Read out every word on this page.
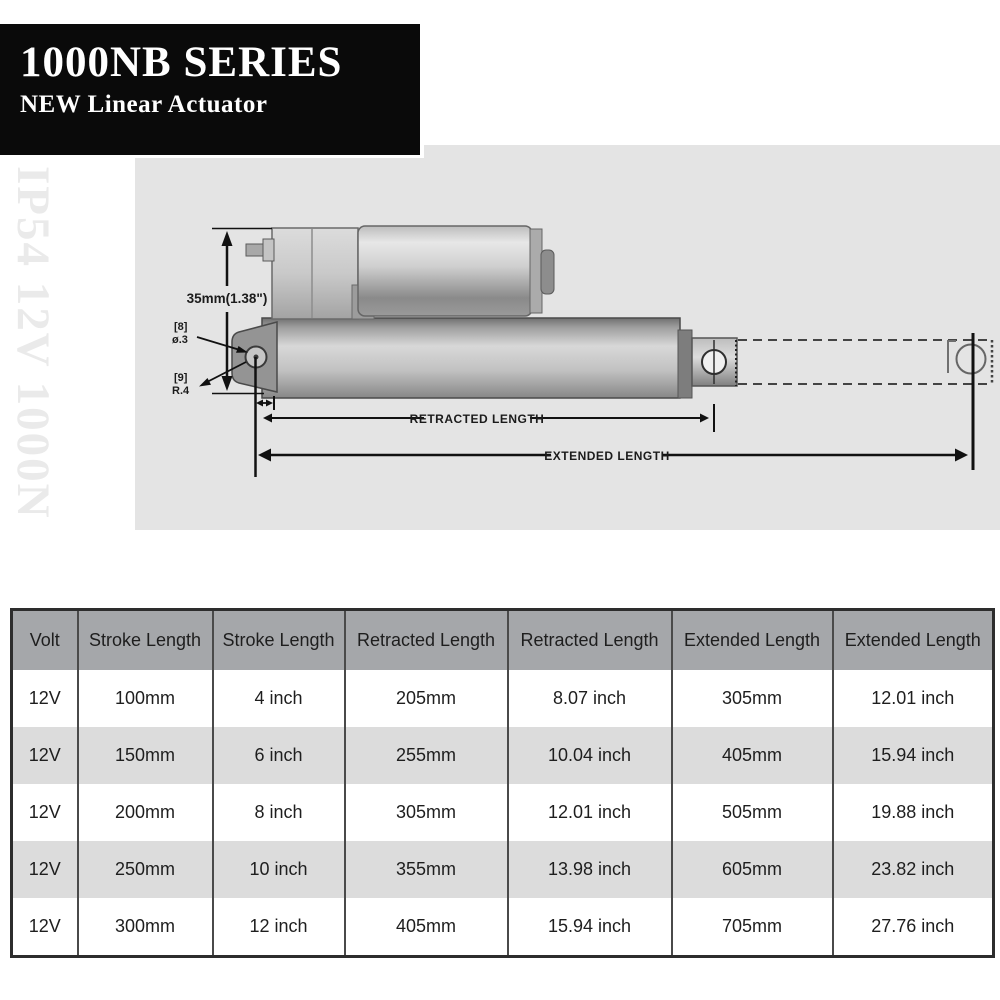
1000NB SERIES
NEW Linear Actuator
IP54 12V 1000N	35mm(1.38")
[8]
ø.3
[9]
R.4
RETRACTED LENGTH
EXTENDED LENGTH
Volt	Stroke Length	Stroke Length	Retracted Length	Retracted Length	Extended Length	Extended Length
12V	100mm	4 inch	205mm	8.07 inch	305mm	12.01 inch
12V	150mm	6 inch	255mm	10.04 inch	405mm	15.94 inch
12V	200mm	8 inch	305mm	12.01 inch	505mm	19.88 inch
12V	250mm	10 inch	355mm	13.98 inch	605mm	23.82 inch
12V	300mm	12 inch	405mm	15.94 inch	705mm	27.76 inch
